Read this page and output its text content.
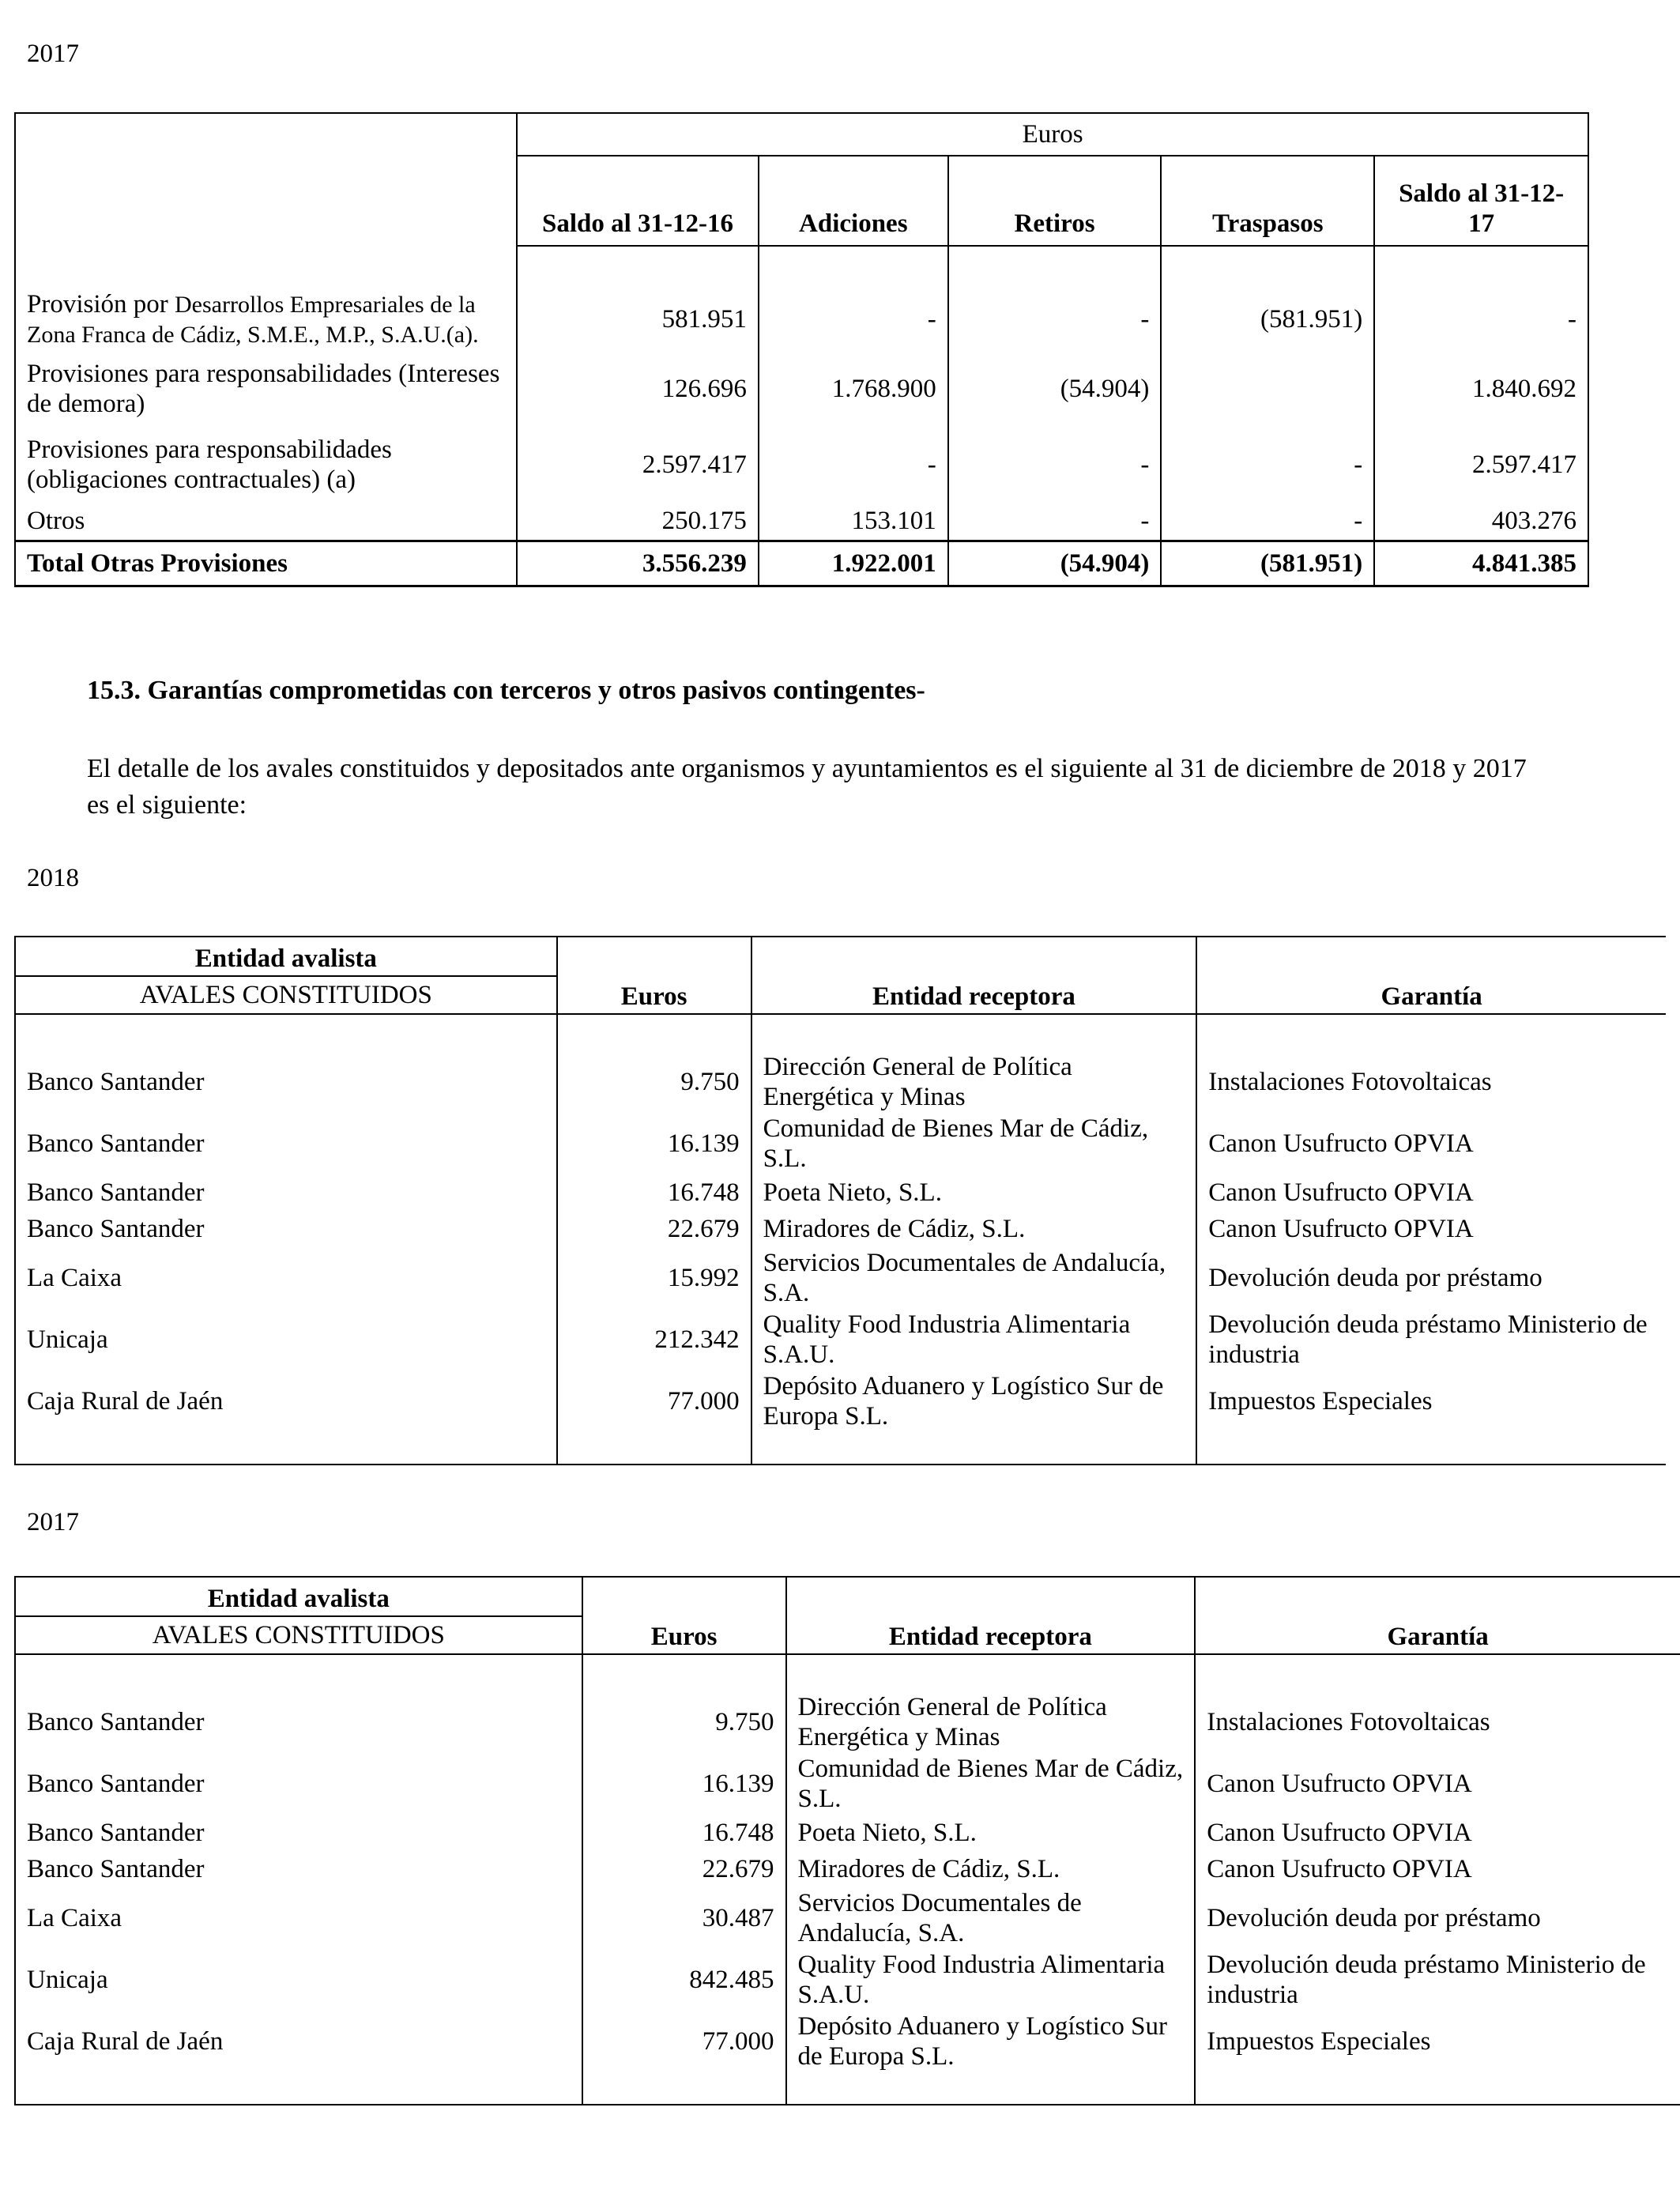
2017
	Euros				
	Saldo al 31-12-16	Adiciones	Retiros	Traspasos	Saldo al 31-12-17

Provisión por Desarrollos Empresariales de la Zona Franca de Cádiz, S.M.E., M.P., S.A.U.(a).	581.951	-	-	(581.951)	-
Provisiones para responsabilidades (Intereses de demora)	126.696	1.768.900	(54.904)		1.840.692
Provisiones para responsabilidades (obligaciones contractuales) (a)	2.597.417	-	-	-	2.597.417
Otros	250.175	153.101	-	-	403.276
Total Otras Provisiones	3.556.239	1.922.001	(54.904)	(581.951)	4.841.385
15.3. Garantías comprometidas con terceros y otros pasivos contingentes-
El detalle de los avales constituidos y depositados ante organismos y ayuntamientos es el siguiente al 31 de diciembre de 2018 y 2017 es el siguiente:
2018
Entidad avalista	Euros	Entidad receptora	Garantía
AVALES CONSTITUIDOS			

Banco Santander	9.750	Dirección General de Política Energética y Minas	Instalaciones Fotovoltaicas
Banco Santander	16.139	Comunidad de Bienes Mar de Cádiz, S.L.	Canon Usufructo OPVIA
Banco Santander	16.748	Poeta Nieto, S.L.	Canon Usufructo OPVIA
Banco Santander	22.679	Miradores de Cádiz, S.L.	Canon Usufructo OPVIA
La Caixa	15.992	Servicios Documentales de Andalucía, S.A.	Devolución deuda por préstamo
Unicaja	212.342	Quality Food Industria Alimentaria S.A.U.	Devolución deuda préstamo Ministerio de industria
Caja Rural de Jaén	77.000	Depósito Aduanero y Logístico Sur de Europa S.L.	Impuestos Especiales

2017
Entidad avalista	Euros	Entidad receptora	Garantía
AVALES CONSTITUIDOS			

Banco Santander	9.750	Dirección General de Política Energética y Minas	Instalaciones Fotovoltaicas
Banco Santander	16.139	Comunidad de Bienes Mar de Cádiz, S.L.	Canon Usufructo OPVIA
Banco Santander	16.748	Poeta Nieto, S.L.	Canon Usufructo OPVIA
Banco Santander	22.679	Miradores de Cádiz, S.L.	Canon Usufructo OPVIA
La Caixa	30.487	Servicios Documentales de Andalucía, S.A.	Devolución deuda por préstamo
Unicaja	842.485	Quality Food Industria Alimentaria S.A.U.	Devolución deuda préstamo Ministerio de industria
Caja Rural de Jaén	77.000	Depósito Aduanero y Logístico Sur de Europa S.L.	Impuestos Especiales
